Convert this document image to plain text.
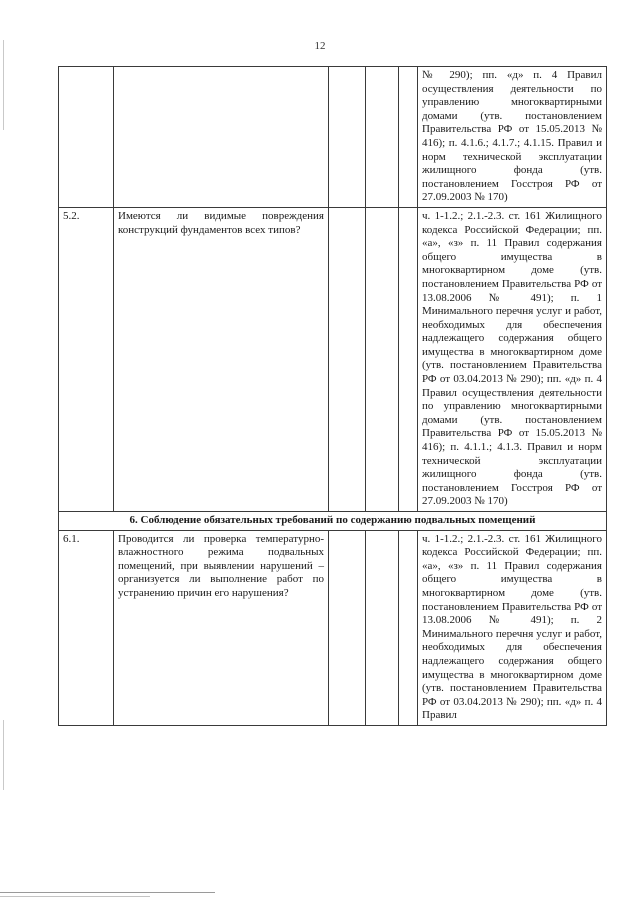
12
					№ 290); пп. «д» п. 4 Правил осуществления деятельности по управлению многоквартирными домами (утв. постановлением Правительства РФ от 15.05.2013 № 416); п. 4.1.6.; 4.1.7.; 4.1.15. Правил и норм технической эксплуатации жилищного фонда (утв. постановлением Госстроя РФ от 27.09.2003 № 170)
5.2.	Имеются ли видимые повреждения конструкций фундаментов всех типов?				ч. 1-1.2.; 2.1.-2.3. ст. 161 Жилищного кодекса Российской Федерации; пп. «а», «з» п. 11 Правил содержания общего имущества в многоквартирном доме (утв. постановлением Правительства РФ от 13.08.2006 № 491); п. 1 Минимального перечня услуг и работ, необходимых для обеспечения надлежащего содержания общего имущества в многоквартирном доме (утв. постановлением Правительства РФ от 03.04.2013 № 290); пп. «д» п. 4 Правил осуществления деятельности по управлению многоквартирными домами (утв. постановлением Правительства РФ от 15.05.2013 № 416); п. 4.1.1.; 4.1.3. Правил и норм технической эксплуатации жилищного фонда (утв. постановлением Госстроя РФ от 27.09.2003 № 170)
6. Соблюдение обязательных требований по содержанию подвальных помещений					
6.1.	Проводится ли проверка температурно-влажностного режима подвальных помещений, при выявлении нарушений – организуется ли выполнение работ по устранению причин его нарушения?				ч. 1-1.2.; 2.1.-2.3. ст. 161 Жилищного кодекса Российской Федерации; пп. «а», «з» п. 11 Правил содержания общего имущества в многоквартирном доме (утв. постановлением Правительства РФ от 13.08.2006 № 491); п. 2 Минимального перечня услуг и работ, необходимых для обеспечения надлежащего содержания общего имущества в многоквартирном доме (утв. постановлением Правительства РФ от 03.04.2013 № 290); пп. «д» п. 4 Правил
